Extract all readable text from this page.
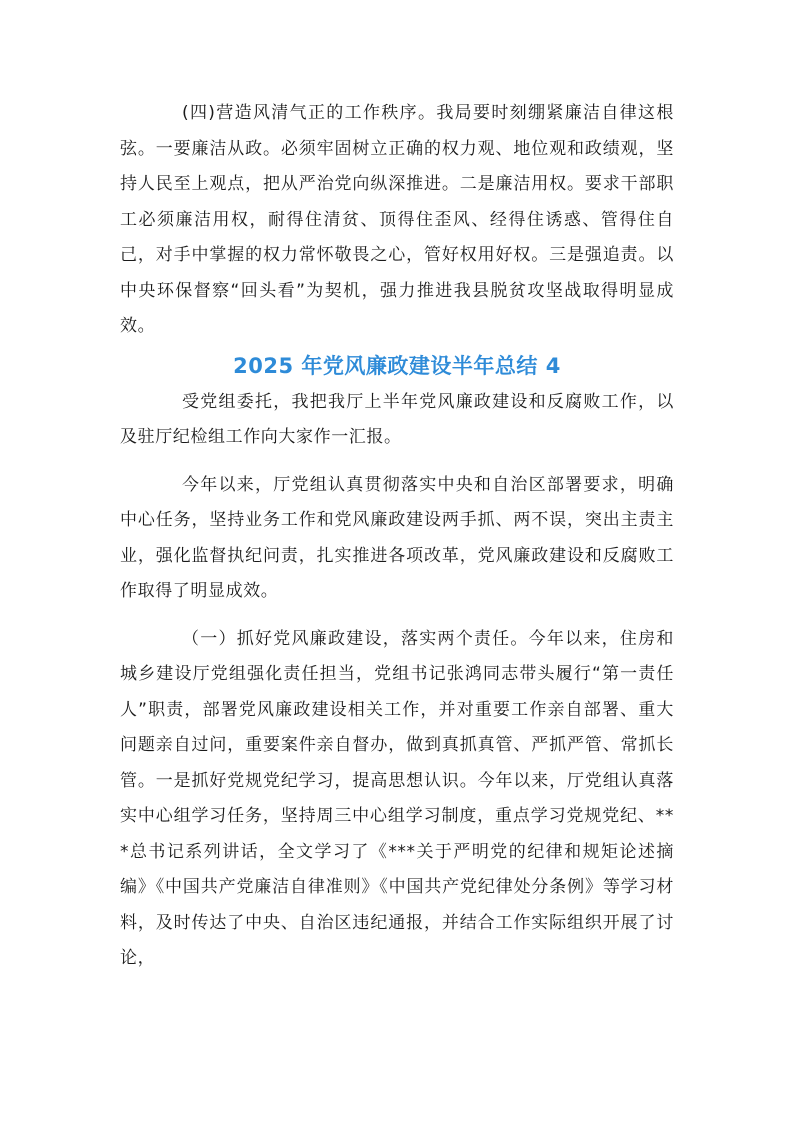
(四)营造风清气正的工作秩序。我局要时刻绷紧廉洁自律这根弦。一要廉洁从政。必须牢固树立正确的权力观、地位观和政绩观，坚持人民至上观点，把从严治党向纵深推进。二是廉洁用权。要求干部职工必须廉洁用权，耐得住清贫、顶得住歪风、经得住诱惑、管得住自己，对手中掌握的权力常怀敬畏之心，管好权用好权。三是强追责。以中央环保督察“回头看”为契机，强力推进我县脱贫攻坚战取得明显成效。

2025 年党风廉政建设半年总结 4

受党组委托，我把我厅上半年党风廉政建设和反腐败工作，以及驻厅纪检组工作向大家作一汇报。

今年以来，厅党组认真贯彻落实中央和自治区部署要求，明确中心任务，坚持业务工作和党风廉政建设两手抓、两不误，突出主责主业，强化监督执纪问责，扎实推进各项改革，党风廉政建设和反腐败工作取得了明显成效。

（一）抓好党风廉政建设，落实两个责任。今年以来，住房和城乡建设厅党组强化责任担当，党组书记张鸿同志带头履行“第一责任人”职责，部署党风廉政建设相关工作，并对重要工作亲自部署、重大问题亲自过问，重要案件亲自督办，做到真抓真管、严抓严管、常抓长管。一是抓好党规党纪学习，提高思想认识。今年以来，厅党组认真落实中心组学习任务，坚持周三中心组学习制度，重点学习党规党纪、***总书记系列讲话，全文学习了《***关于严明党的纪律和规矩论述摘编》《中国共产党廉洁自律准则》《中国共产党纪律处分条例》等学习材料，及时传达了中央、自治区违纪通报，并结合工作实际组织开展了讨论，
